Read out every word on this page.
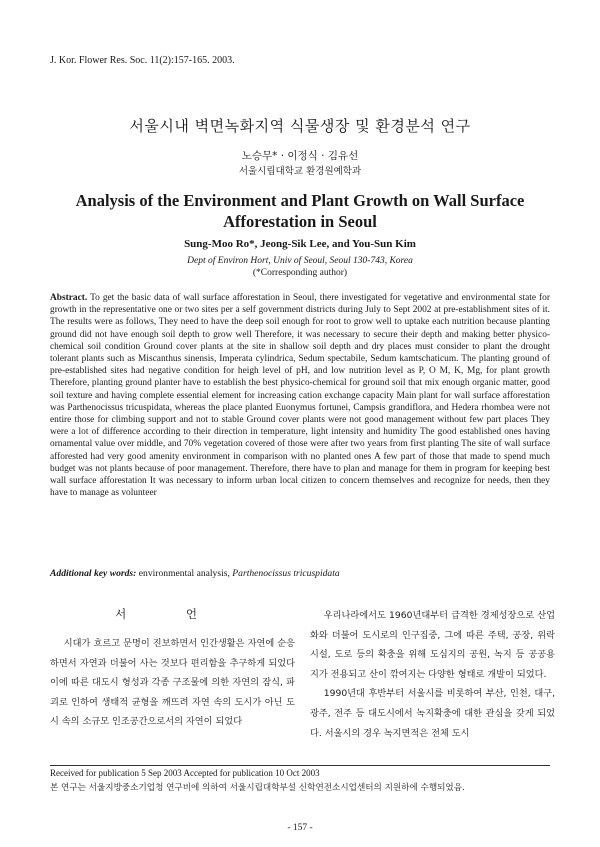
J. Kor. Flower Res. Soc. 11(2):157-165. 2003.
서울시내 벽면녹화지역 식물생장 및 환경분석 연구
노승무* · 이정식 · 김유선
서울시립대학교 환경원예학과
Analysis of the Environment and Plant Growth on Wall Surface Afforestation in Seoul
Sung-Moo Ro*, Jeong-Sik Lee, and You-Sun Kim
Dept of Environ Hort, Univ of Seoul, Seoul 130-743, Korea
(*Corresponding author)
Abstract. To get the basic data of wall surface afforestation in Seoul, there investigated for vegetative and environmental state for growth in the representative one or two sites per a self government districts during July to Sept 2002 at pre-establishment sites of it. The results were as follows, They need to have the deep soil enough for root to grow well to uptake each nutrition because planting ground did not have enough soil depth to grow well Therefore, it was necessary to secure their depth and making better physico-chemical soil condition Ground cover plants at the site in shallow soil depth and dry places must consider to plant the drought tolerant plants such as Miscanthus sinensis, Imperata cylindrica, Sedum spectabile, Sedum kamtschaticum. The planting ground of pre-established sites had negative condition for heigh level of pH, and low nutrition level as P, O M, K, Mg, for plant growth Therefore, planting ground planter have to establish the best physico-chemical for ground soil that mix enough organic matter, good soil texture and having complete essential element for increasing cation exchange capacity Main plant for wall surface afforestation was Parthenocissus tricuspidata, whereas the place planted Euonymus fortunei, Campsis grandiflora, and Hedera rhombea were not entire those for climbing support and not to stable Ground cover plants were not good management without few part places They were a lot of difference according to their direction in temperature, light intensity and humidity The good established ones having ornamental value over middle, and 70% vegetation covered of those were after two years from first planting The site of wall surface afforested had very good amenity environment in comparison with no planted ones A few part of those that made to spend much budget was not plants because of poor management. Therefore, there have to plan and manage for them in program for keeping best wall surface afforestation It was necessary to inform urban local citizen to concern themselves and recognize for needs, then they have to manage as volunteer
Additional key words: environmental analysis, Parthenocissus tricuspidata
서 언

시대가 흐르고 문명이 진보하면서 인간생활은 자연에 순응하면서 자연과 더불어 사는 것보다 편리함을 추구하게 되었다 이에 따른 대도시 형성과 각종 구조물에 의한 자연의 잠식, 파괴로 인하여 생태적 균형을 깨뜨려 자연 속의 도시가 아닌 도시 속의 소규모 인조공간으로서의 자연이 되었다

우리나라에서도 1960년대부터 급격한 경제성장으로 산업화와 더불어 도시로의 인구집중, 그에 따른 주택, 공장, 위락시설, 도로 등의 확충을 위해 도심지의 공원, 녹지 등 공공용지가 전용되고 산이 깎여지는 다양한 형태로 개발이 되었다.

1990년대 후반부터 서울시를 비롯하여 부산, 인천, 대구, 광주, 전주 등 대도시에서 녹지확충에 대한 관심을 갖게 되었다. 서울시의 경우 녹지면적은 전체 도시

Received for publication 5 Sep 2003 Accepted for publication 10 Oct 2003
본 연구는 서울지방중소기업청 연구비에 의하여 서울시립대학부설 신학연전소시업센터의 지원하에 수행되었음.
- 157 -
